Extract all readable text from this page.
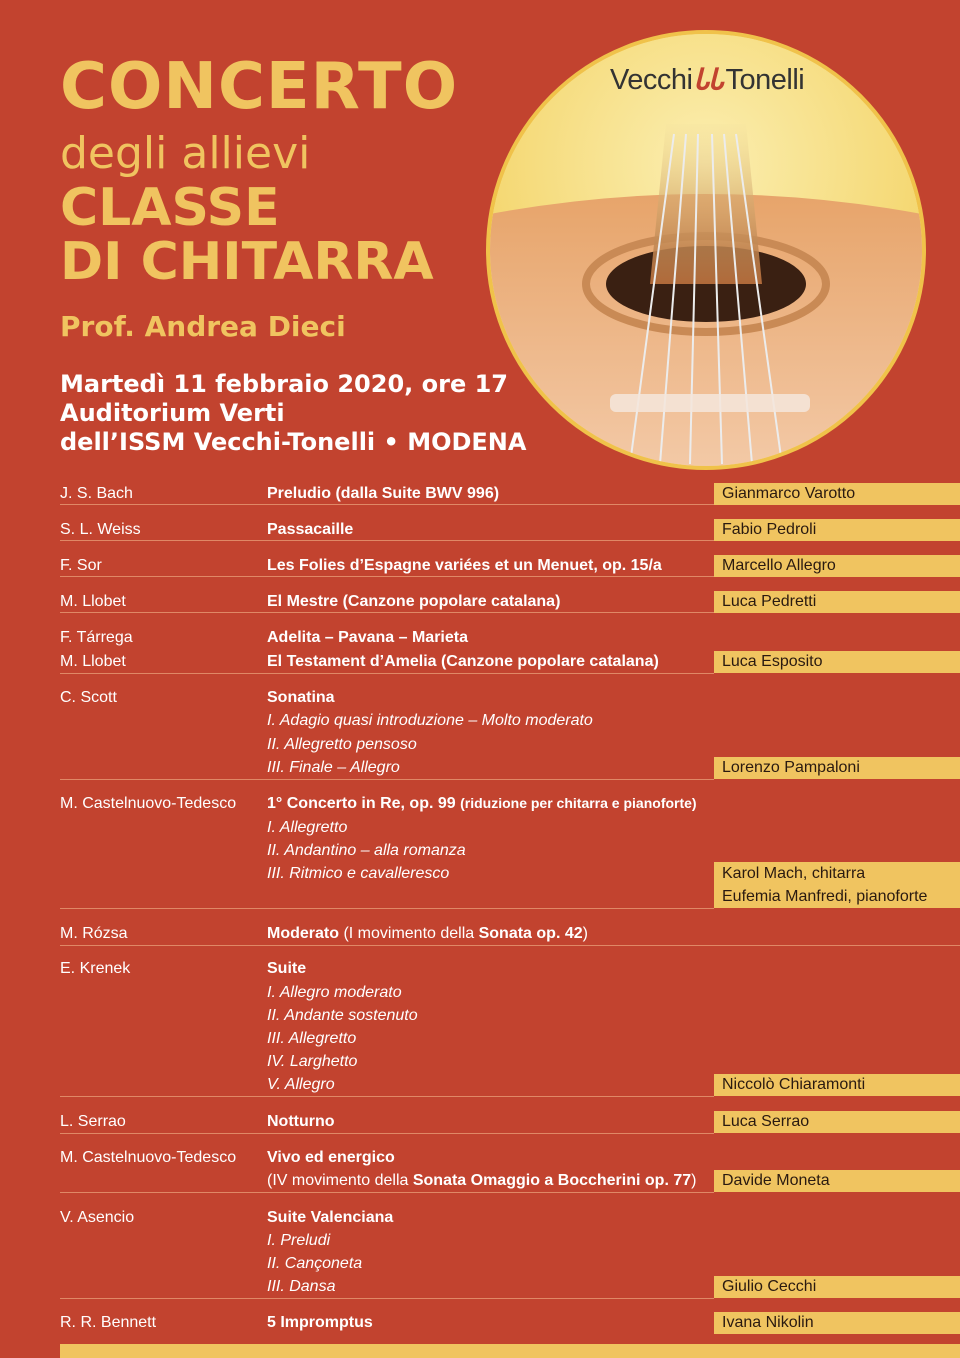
CONCERTO
degli allievi
CLASSE
DI CHITARRA
Prof. Andrea Dieci
Martedì 11 febbraio 2020, ore 17
Auditorium Verti
dell’ISSM Vecchi-Tonelli • MODENA
VecchiᏓᏓTonelli
J. S. Bach	Preludio (dalla Suite BWV 996)	Gianmarco Varotto
S. L. Weiss	Passacaille	Fabio Pedroli
F. Sor	Les Folies d’Espagne variées et un Menuet, op. 15/a	Marcello Allegro
M. Llobet	El Mestre (Canzone popolare catalana)	Luca Pedretti
F. Tárrega	Adelita – Pavana – Marieta
M. Llobet	El Testament d’Amelia (Canzone popolare catalana)	Luca Esposito
C. Scott	Sonatina
I. Adagio quasi introduzione – Molto moderato
II. Allegretto pensoso
III. Finale – Allegro	Lorenzo Pampaloni
M. Castelnuovo-Tedesco 1° Concerto in Re, op. 99 (riduzione per chitarra e pianoforte)
I. Allegretto
II. Andantino – alla romanza
III. Ritmico e cavalleresco	Karol Mach, chitarra
Eufemia Manfredi, pianoforte
M. Rózsa	Moderato (I movimento della Sonata op. 42)
E. Krenek	Suite
I. Allegro moderato
II. Andante sostenuto
III. Allegretto
IV. Larghetto
V. Allegro	Niccolò Chiaramonti
L. Serrao	Notturno	Luca Serrao
M. Castelnuovo-Tedesco Vivo ed energico
(IV movimento della Sonata Omaggio a Boccherini op. 77)	Davide Moneta
V. Asencio	Suite Valenciana
I. Preludi
II. Cançoneta
III. Dansa	Giulio Cecchi
R. R. Bennett	5 Impromptus	Ivana Nikolin
